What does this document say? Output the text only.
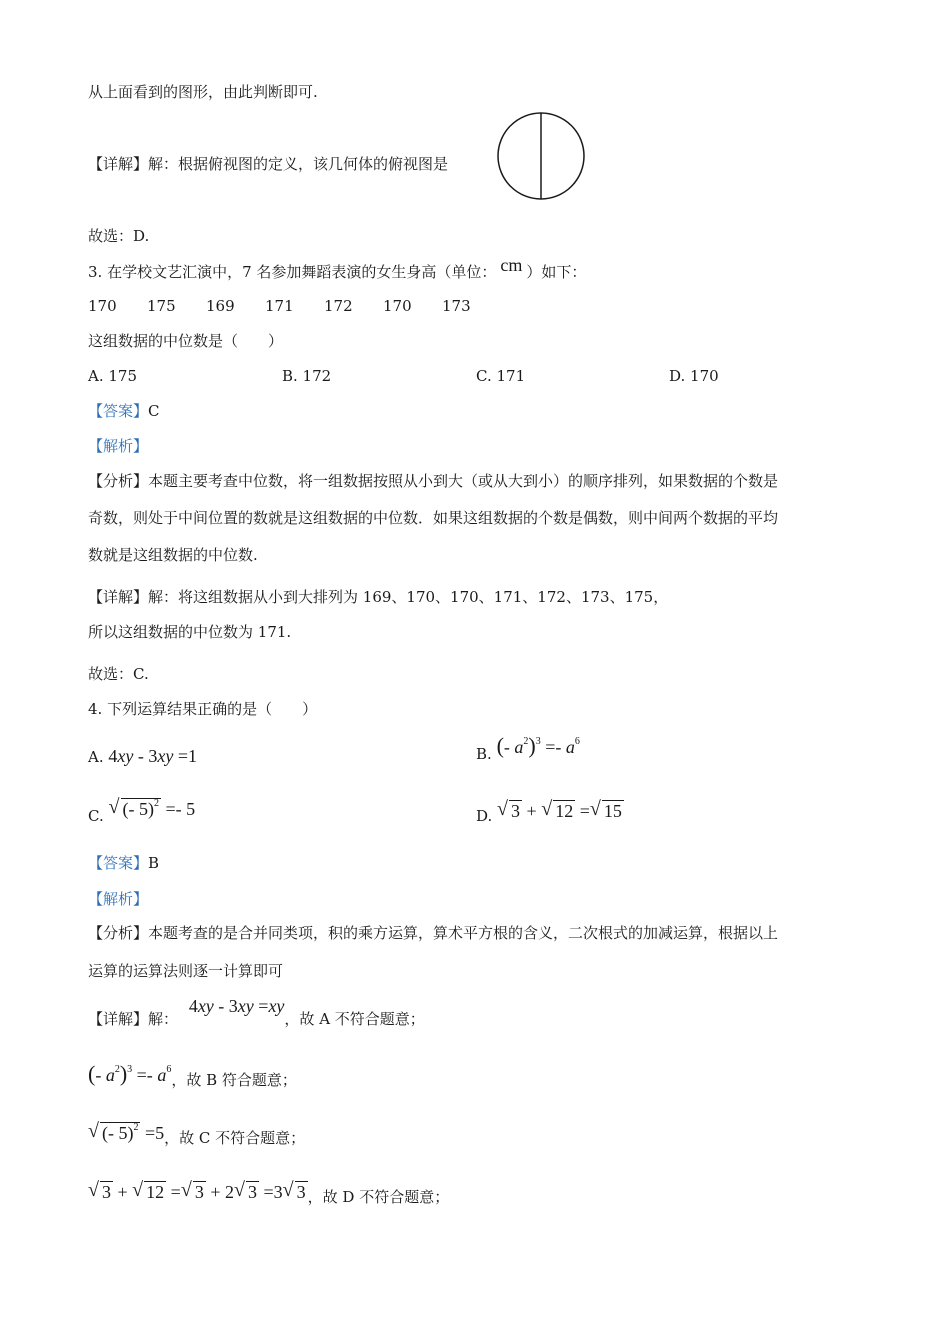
从上面看到的图形，由此判断即可.
【详解】解：根据俯视图的定义，该几何体的俯视图是
故选：D.
3. 在学校文艺汇演中，7 名参加舞蹈表演的女生身高（单位： cm ）如下：
170 175 169 171 172 170 173
这组数据的中位数是（　　）
A. 175	B. 172	C. 171	D. 170
【答案】C
【解析】
【分析】本题主要考查中位数，将一组数据按照从小到大（或从大到小）的顺序排列，如果数据的个数是
奇数，则处于中间位置的数就是这组数据的中位数．如果这组数据的个数是偶数，则中间两个数据的平均
数就是这组数据的中位数.
【详解】解：将这组数据从小到大排列为 169、170、170、171、172、173、175，
所以这组数据的中位数为 171.
故选：C.
4. 下列运算结果正确的是（　　）
A. 4xy - 3xy =1	B. (- $a^2)^3 =- a^6$
C. √ (- 5)$^2$ =- 5	D. √ 3 + √ 12 = √ 15
【答案】B
【解析】
【分析】本题考查的是合并同类项，积的乘方运算，算术平方根的含义，二次根式的加减运算，根据以上
运算的运算法则逐一计算即可
【详解】解： 4xy - 3xy =xy，故 A 不符合题意；
(- $a^2)^3 =- a^6$，故 B 符合题意；
√ (- 5)$^2$ =5，故 C 不符合题意；
√ 3 + √ 12 = √ 3 + 2 √ 3 =3 √ 3 ，故 D 不符合题意；
